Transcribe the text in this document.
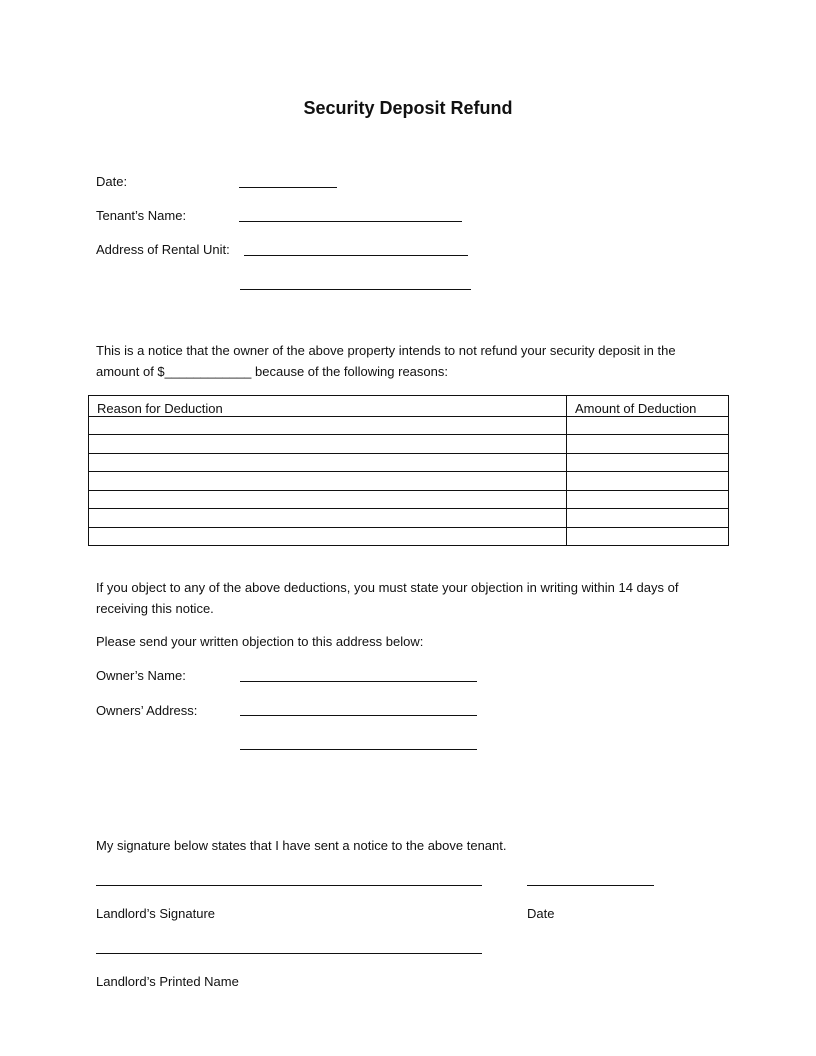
Security Deposit Refund
Date:
Tenant’s Name:
Address of Rental Unit:
This is a notice that the owner of the above property intends to not refund your security deposit in the
amount of $____________ because of the following reasons:
Reason for Deduction	Amount of Deduction

If you object to any of the above deductions, you must state your objection in writing within 14 days of
receiving this notice.
Please send your written objection to this address below:
Owner’s Name:
Owners’ Address:
My signature below states that I have sent a notice to the above tenant.
Landlord’s Signature	Date
Landlord’s Printed Name
